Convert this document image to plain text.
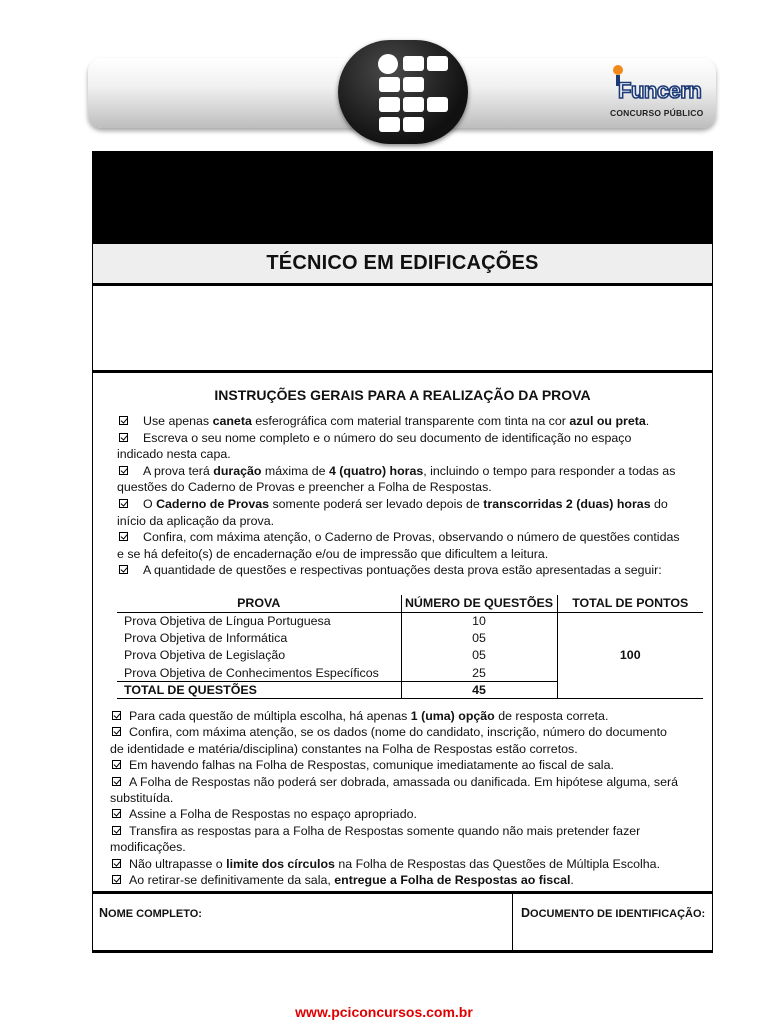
Funcern
CONCURSO PÚBLICO
TÉCNICO EM EDIFICAÇÕES
INSTRUÇÕES GERAIS PARA A REALIZAÇÃO DA PROVA
Use apenas caneta esferográfica com material transparente com tinta na cor azul ou preta.
Escreva o seu nome completo e o número do seu documento de identificação no espaço
indicado nesta capa.
A prova terá duração máxima de 4 (quatro) horas, incluindo o tempo para responder a todas as
questões do Caderno de Provas e preencher a Folha de Respostas.
O Caderno de Provas somente poderá ser levado depois de transcorridas 2 (duas) horas do
início da aplicação da prova.
Confira, com máxima atenção, o Caderno de Provas, observando o número de questões contidas
e se há defeito(s) de encadernação e/ou de impressão que dificultem a leitura.
A quantidade de questões e respectivas pontuações desta prova estão apresentadas a seguir:
PROVA	NÚMERO DE QUESTÕES	TOTAL DE PONTOS
Prova Objetiva de Língua Portuguesa	10	100
Prova Objetiva de Informática	05	
Prova Objetiva de Legislação	05	
Prova Objetiva de Conhecimentos Específicos	25	
TOTAL DE QUESTÕES	45	
Para cada questão de múltipla escolha, há apenas 1 (uma) opção de resposta correta.
Confira, com máxima atenção, se os dados (nome do candidato, inscrição, número do documento
de identidade e matéria/disciplina) constantes na Folha de Respostas estão corretos.
Em havendo falhas na Folha de Respostas, comunique imediatamente ao fiscal de sala.
A Folha de Respostas não poderá ser dobrada, amassada ou danificada. Em hipótese alguma, será
substituída.
Assine a Folha de Respostas no espaço apropriado.
Transfira as respostas para a Folha de Respostas somente quando não mais pretender fazer
modificações.
Não ultrapasse o limite dos círculos na Folha de Respostas das Questões de Múltipla Escolha.
Ao retirar-se definitivamente da sala, entregue a Folha de Respostas ao fiscal.
NOME COMPLETO:	DOCUMENTO DE IDENTIFICAÇÃO:
www.pciconcursos.com.br
